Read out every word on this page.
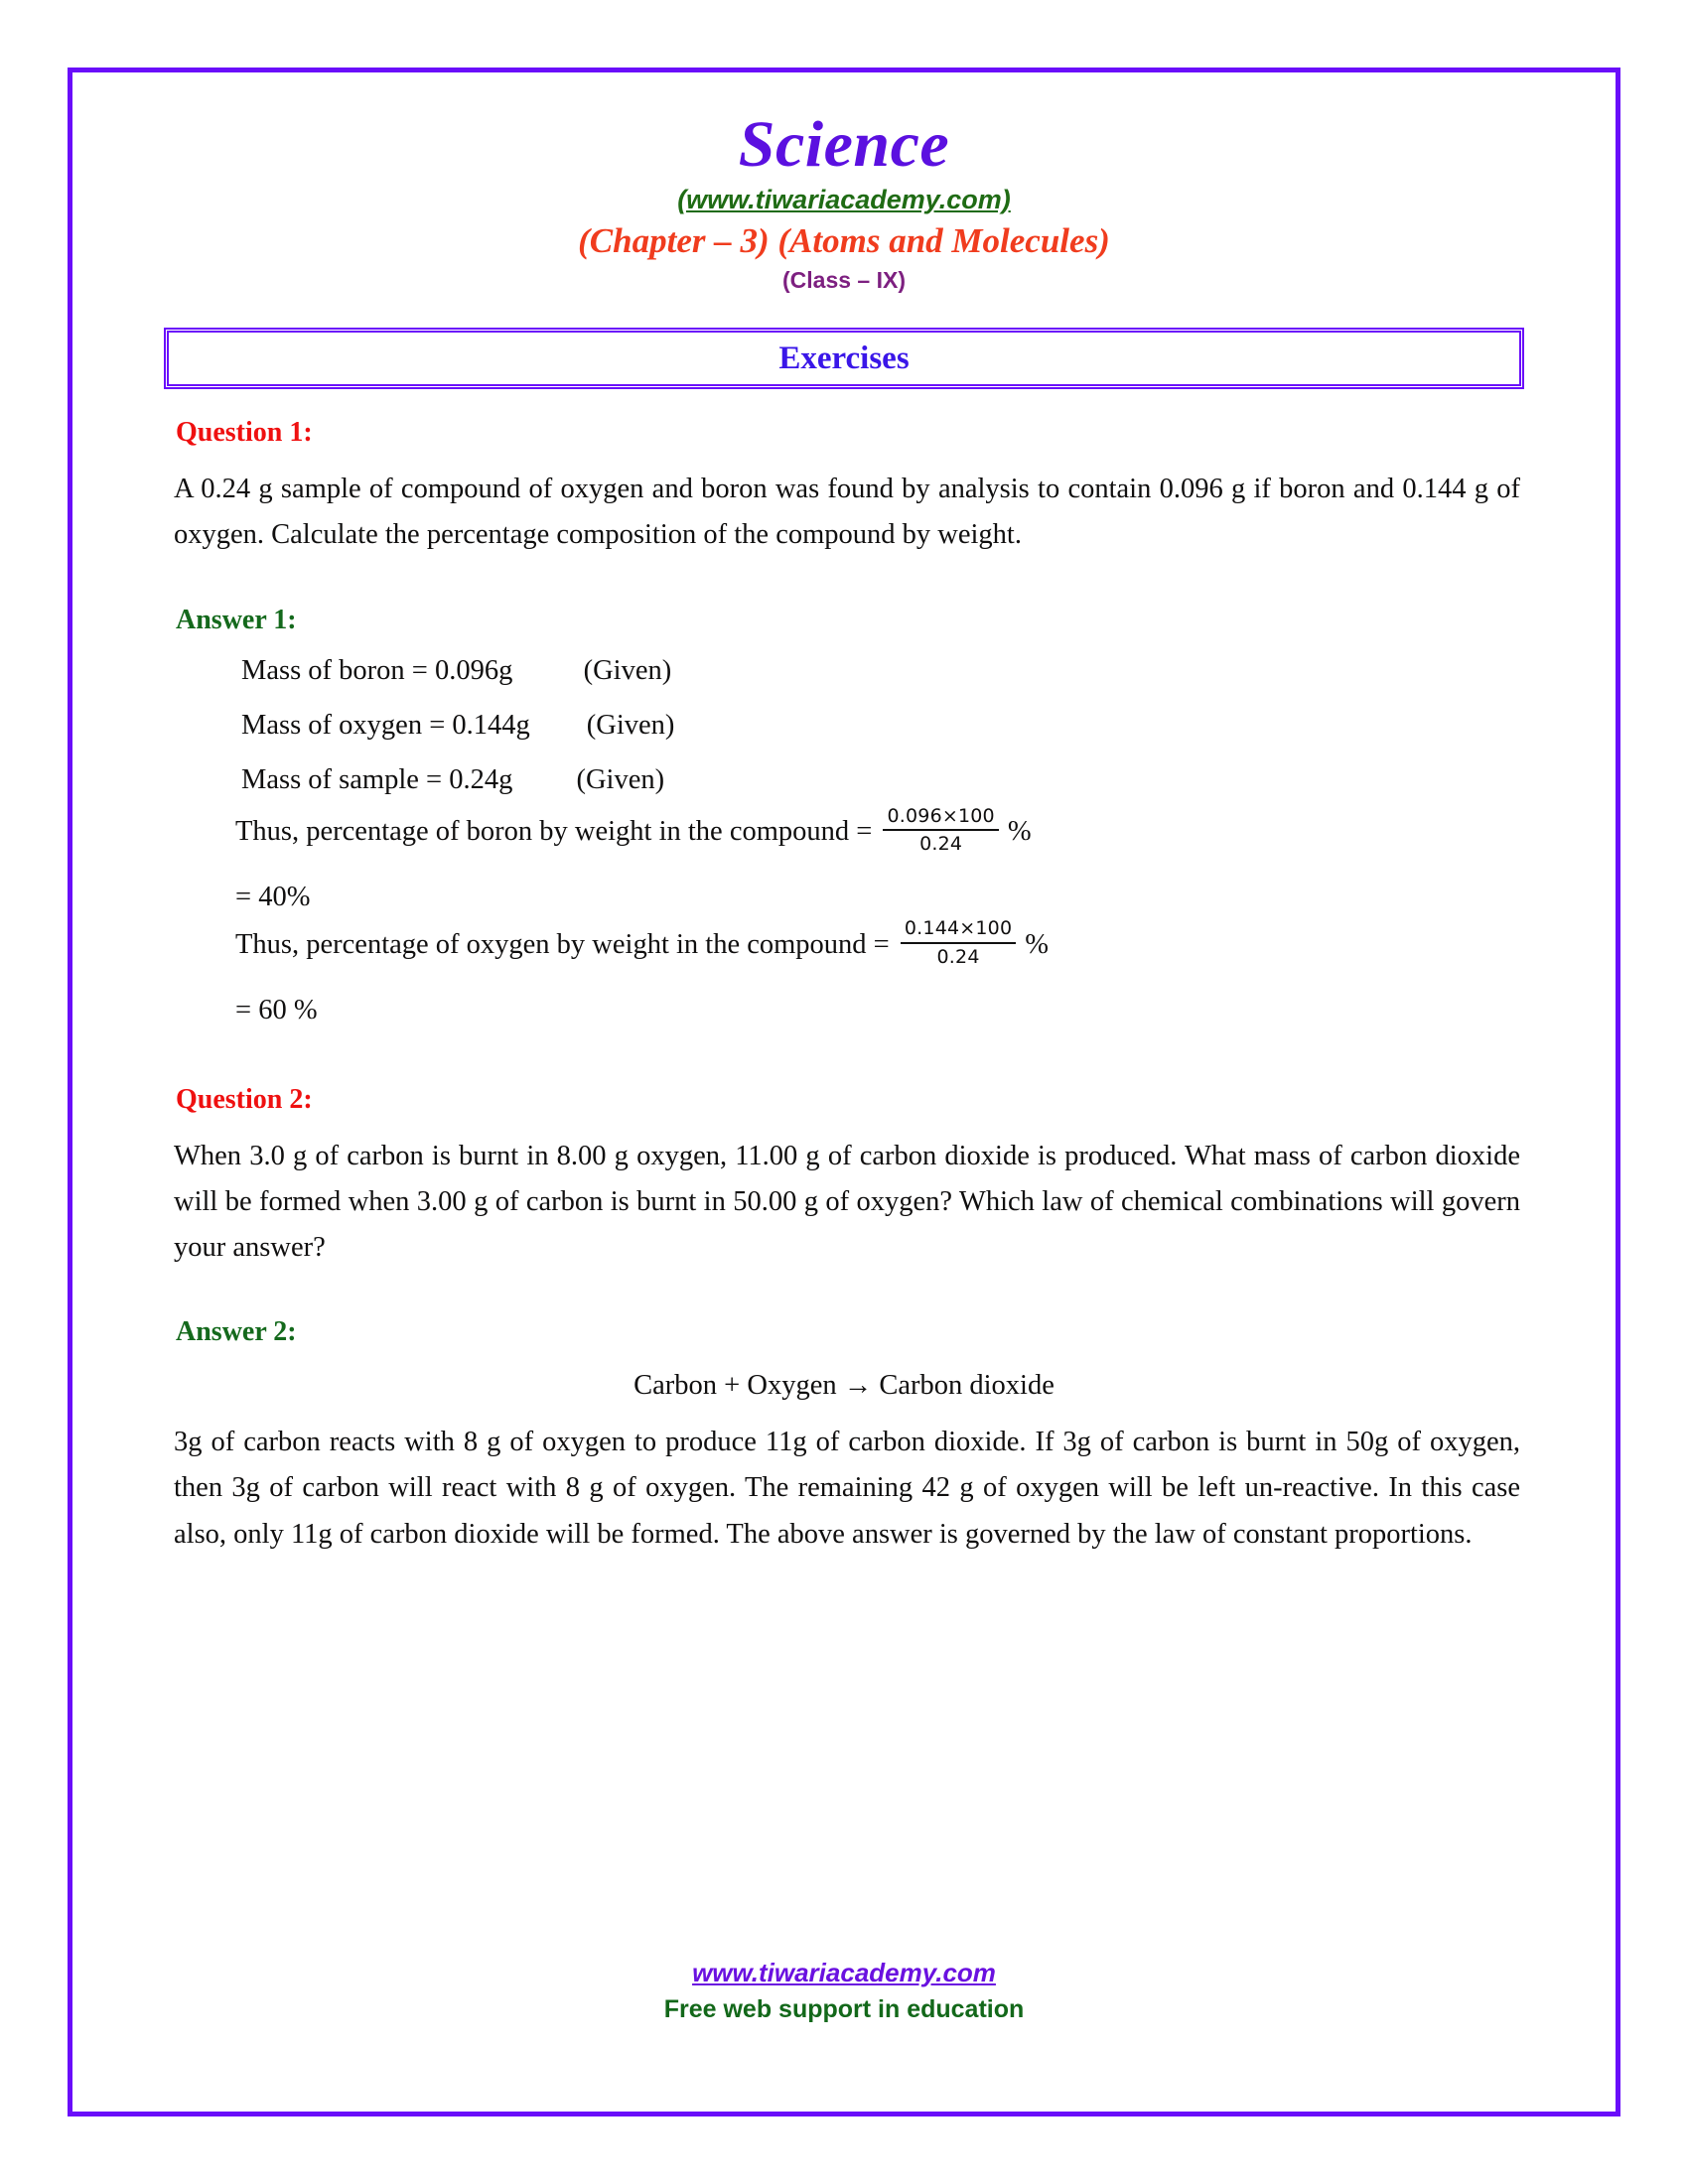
Science
(www.tiwariacademy.com)
(Chapter – 3) (Atoms and Molecules)
(Class – IX)
Exercises
Question 1:
A 0.24 g sample of compound of oxygen and boron was found by analysis to contain 0.096 g if boron and 0.144 g of oxygen. Calculate the percentage composition of the compound by weight.
Answer 1:
Mass of boron = 0.096g          (Given)
Mass of oxygen = 0.144g        (Given)
Mass of sample = 0.24g         (Given)
Thus, percentage of boron by weight in the compound = $\frac{0.096\times 100}{0.24}$ %
= 40%
Thus, percentage of oxygen by weight in the compound = $\frac{0.144\times 100}{0.24}$ %
= 60 %
Question 2:
When 3.0 g of carbon is burnt in 8.00 g oxygen, 11.00 g of carbon dioxide is produced. What mass of carbon dioxide will be formed when 3.00 g of carbon is burnt in 50.00 g of oxygen? Which law of chemical combinations will govern your answer?
Answer 2:
Carbon + Oxygen → Carbon dioxide
3g of carbon reacts with 8 g of oxygen to produce 11g of carbon dioxide. If 3g of carbon is burnt in 50g of oxygen, then 3g of carbon will react with 8 g of oxygen. The remaining 42 g of oxygen will be left un-reactive. In this case also, only 11g of carbon dioxide will be formed. The above answer is governed by the law of constant proportions.
www.tiwariacademy.com
Free web support in education
